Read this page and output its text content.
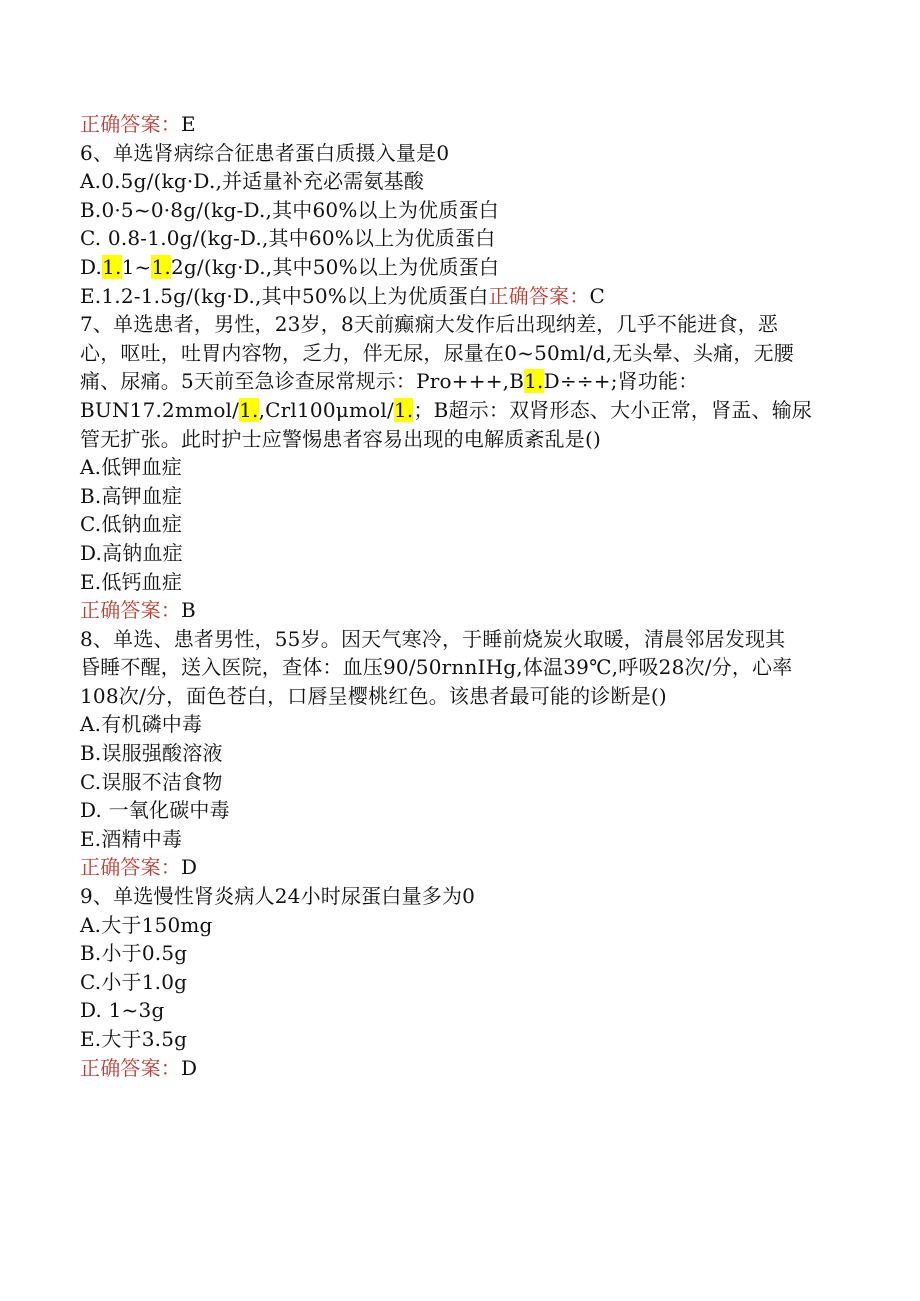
正确答案：E
6、单选肾病综合征患者蛋白质摄入量是0
A.0.5g/(kg·D.,并适量补充必需氨基酸
B.0·5~0·8g/(kg-D.,其中60%以上为优质蛋白
C. 0.8-1.0g/(kg-D.,其中60%以上为优质蛋白
D.1.1~1.2g/(kg·D.,其中50%以上为优质蛋白
E.1.2-1.5g/(kg·D.,其中50%以上为优质蛋白正确答案：C
7、单选患者，男性，23岁，8天前癫痫大发作后出现纳差，几乎不能进食，恶
心，呕吐，吐胃内容物，乏力，伴无尿，尿量在0~50ml/d,无头晕、头痛，无腰
痛、尿痛。5天前至急诊查尿常规示：Pro+++,B1.D÷÷+;肾功能：
BUN17.2mmol/1.,Crl100μmol/1.；B超示：双肾形态、大小正常，肾盂、输尿
管无扩张。此时护士应警惕患者容易出现的电解质紊乱是()
A.低钾血症
B.高钾血症
C.低钠血症
D.高钠血症
E.低钙血症
正确答案：B
8、单选、患者男性，55岁。因天气寒冷，于睡前烧炭火取暖，清晨邻居发现其
昏睡不醒，送入医院，查体：血压90/50rnnIHg,体温39℃,呼吸28次/分，心率
108次/分，面色苍白，口唇呈樱桃红色。该患者最可能的诊断是()
A.有机磷中毒
B.误服强酸溶液
C.误服不洁食物
D. 一氧化碳中毒
E.酒精中毒
正确答案：D
9、单选慢性肾炎病人24小时尿蛋白量多为0
A.大于150mg
B.小于0.5g
C.小于1.0g
D. 1~3g
E.大于3.5g
正确答案：D
